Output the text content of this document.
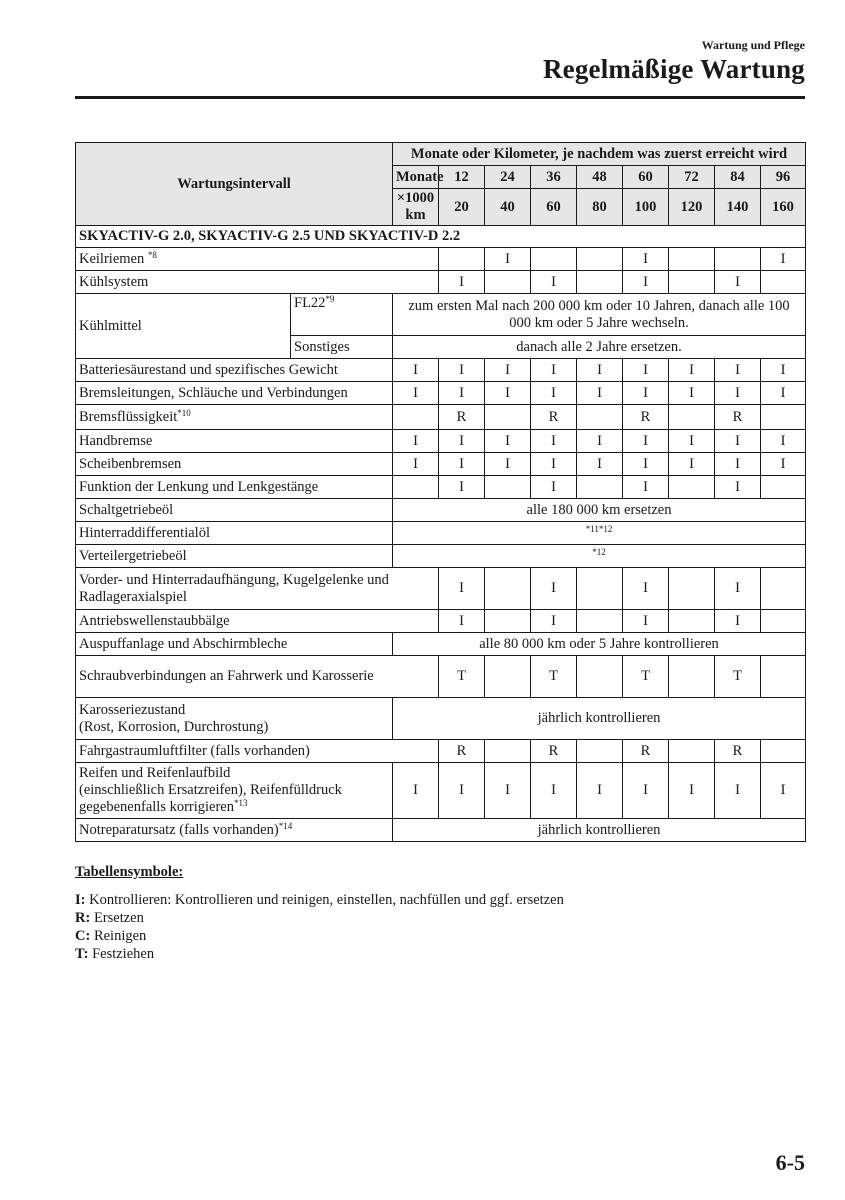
Wartung und Pflege
Regelmäßige Wartung
Wartungsintervall		Monate oder Kilometer, je nachdem was zuerst erreicht wird								
		Monate	12	24	36	48	60	72	84	96
		×1000 km	20	40	60	80	100	120	140	160
SKYACTIV-G 2.0, SKYACTIV-G 2.5 UND SKYACTIV-D 2.2										
Keilriemen $^{*8}$				I			I			I
Kühlsystem			I		I		I		I	
Kühlmittel	FL22$^{*9}$	zum ersten Mal nach 200 000 km oder 10 Jahren, danach alle 100 000 km oder 5 Jahre wechseln.								
	Sonstiges	danach alle 2 Jahre ersetzen.								
Batteriesäurestand und spezifisches Gewicht		I	I	I	I	I	I	I	I	I
Bremsleitungen, Schläuche und Verbindungen		I	I	I	I	I	I	I	I	I
Bremsflüssigkeit$^{*10}$			R		R		R		R	
Handbremse		I	I	I	I	I	I	I	I	I
Scheibenbremsen		I	I	I	I	I	I	I	I	I
Funktion der Lenkung und Lenkgestänge			I		I		I		I	
Schaltgetriebeöl		alle 180 000 km ersetzen								
Hinterraddifferentialöl		*11*12								
Verteilergetriebeöl		*12								
Vorder- und Hinterradaufhängung, Kugelgelenke und Radlageraxialspiel			I		I		I		I	
Antriebswellenstaubbälge			I		I		I		I	
Auspuffanlage und Abschirmbleche		alle 80 000 km oder 5 Jahre kontrollieren								
Schraubverbindungen an Fahrwerk und Karosserie			T		T		T		T	
Karosseriezustand
(Rost, Korrosion, Durchrostung)		jährlich kontrollieren								
Fahrgastraumluftfilter (falls vorhanden)			R		R		R		R	
Reifen und Reifenlaufbild
(einschließlich Ersatzreifen), Reifenfülldruck
gegebenenfalls korrigieren$^{*13}$		I	I	I	I	I	I	I	I	I
Notreparatursatz (falls vorhanden)$^{*14}$		jährlich kontrollieren								
Tabellensymbole:
I: Kontrollieren: Kontrollieren und reinigen, einstellen, nachfüllen und ggf. ersetzen
R: Ersetzen
C: Reinigen
T: Festziehen
6-5
